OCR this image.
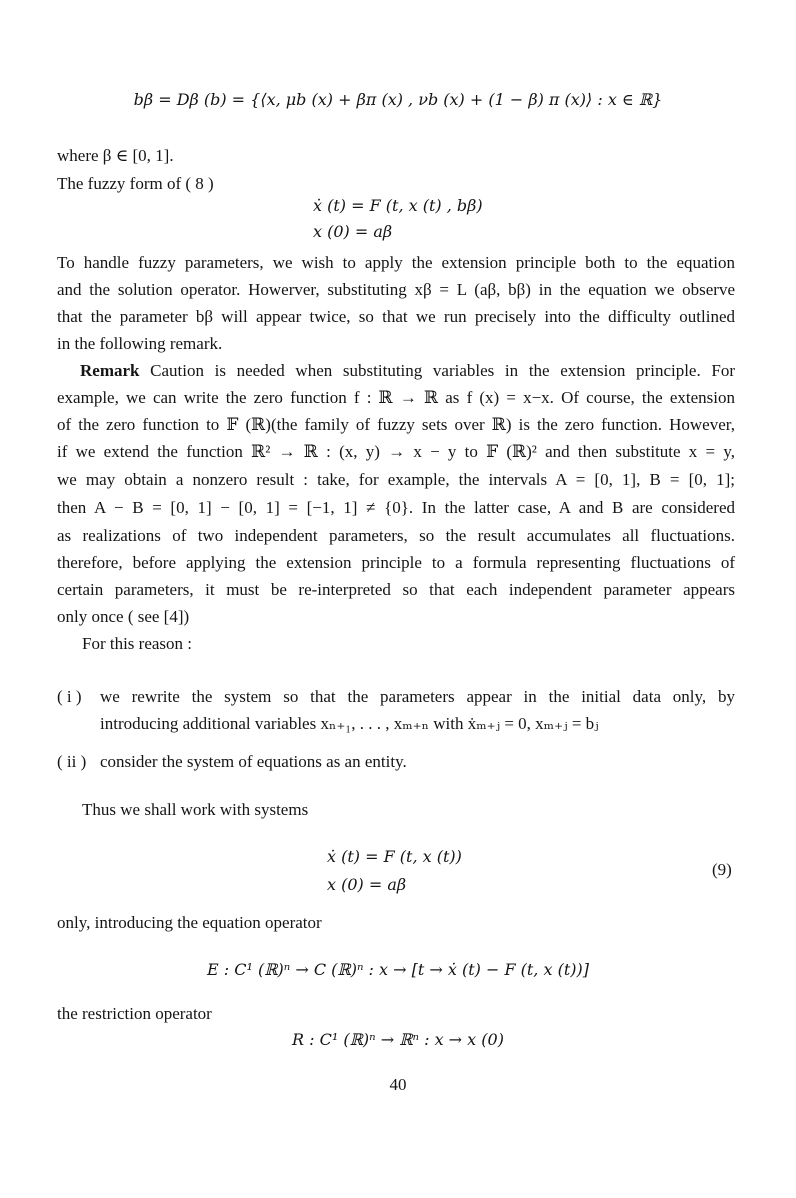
bβ = Dβ (b) = {⟨x, μb (x) + βπ (x) , νb (x) + (1 − β) π (x)⟩ : x ∈ ℝ}
where β ∈ [0, 1].
The fuzzy form of ( 8 )
ẋ (t) = F (t, x (t) , bβ)
x (0) = aβ
To handle fuzzy parameters, we wish to apply the extension principle both to the equation
and the solution operator. Howerver, substituting xβ = L (aβ, bβ) in the equation we observe
that the parameter bβ will appear twice, so that we run precisely into the difficulty outlined
in the following remark.
Remark Caution is needed when substituting variables in the extension principle. For
example, we can write the zero function f : ℝ → ℝ as f (x) = x−x. Of course, the extension
of the zero function to 𝔽 (ℝ)(the family of fuzzy sets over ℝ) is the zero function. However,
if we extend the function ℝ² → ℝ : (x, y) → x − y to 𝔽 (ℝ)² and then substitute x = y,
we may obtain a nonzero result : take, for example, the intervals A = [0, 1], B = [0, 1];
then A − B = [0, 1] − [0, 1] = [−1, 1] ≠ {0}. In the latter case, A and B are considered
as realizations of two independent parameters, so the result accumulates all fluctuations.
therefore, before applying the extension principle to a formula representing fluctuations of
certain parameters, it must be re-interpreted so that each independent parameter appears
only once ( see [4])
For this reason :
( i ) we rewrite the system so that the parameters appear in the initial data only, by
introducing additional variables xₙ₊₁, . . . , xₘ₊ₙ with ẋₘ₊ⱼ = 0, xₘ₊ⱼ = bⱼ
( ii ) consider the system of equations as an entity.
Thus we shall work with systems
ẋ (t) = F (t, x (t))
x (0) = aβ
(9)
only, introducing the equation operator
E : C¹ (ℝ)ⁿ → C (ℝ)ⁿ : x → [t → ẋ (t) − F (t, x (t))]
the restriction operator
R : C¹ (ℝ)ⁿ → ℝⁿ : x → x (0)
40
